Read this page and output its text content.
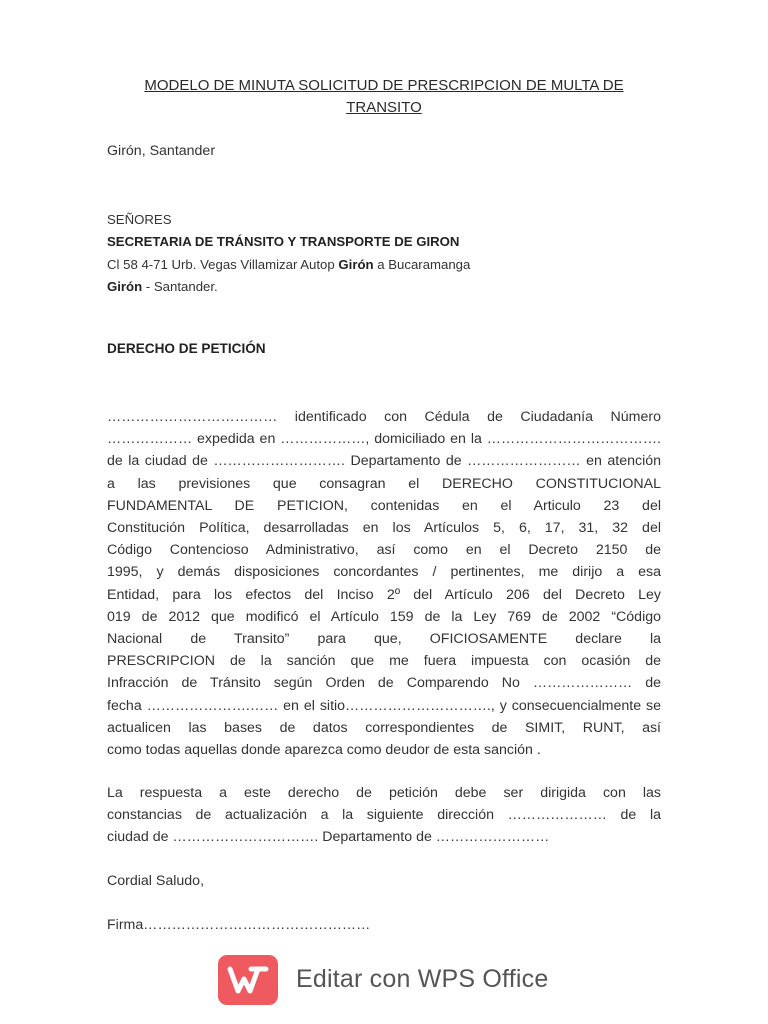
MODELO DE MINUTA SOLICITUD DE PRESCRIPCION DE MULTA DE
TRANSITO
Girón, Santander
SEÑORES
SECRETARIA DE TRÁNSITO Y TRANSPORTE DE GIRON
Cl 58 4-71 Urb. Vegas Villamizar Autop Girón a Bucaramanga
Girón - Santander.
DERECHO DE PETICIÓN
……………………………… identificado con Cédula de Ciudadanía Número
……………… expedida en ………………, domiciliado en la ……………………………….
de la ciudad de ………………………. Departamento de …………………… en atención
a las previsiones que consagran el DERECHO CONSTITUCIONAL
FUNDAMENTAL DE PETICION, contenidas en el Articulo 23 del
Constitución Política, desarrolladas en los Artículos 5, 6, 17, 31, 32 del
Código Contencioso Administrativo, así como en el Decreto 2150 de
1995, y demás disposiciones concordantes / pertinentes, me dirijo a esa
Entidad, para los efectos del Inciso 2º del Artículo 206 del Decreto Ley
019 de 2012 que modificó el Artículo 159 de la Ley 769 de 2002 “Código
Nacional de Transito” para que, OFICIOSAMENTE declare la
PRESCRIPCION de la sanción que me fuera impuesta con ocasión de
Infracción de Tránsito según Orden de Comparendo No ………………… de
fecha ………………….…… en el sitio…………………………., y consecuencialmente se
actualicen las bases de datos correspondientes de SIMIT, RUNT, así
como todas aquellas donde aparezca como deudor de esta sanción .
La respuesta a este derecho de petición debe ser dirigida con las
constancias de actualización a la siguiente dirección ………………… de la
ciudad de …………………………. Departamento de ……………………
Cordial Saludo,
Firma…………………………………………
Editar con WPS Office
